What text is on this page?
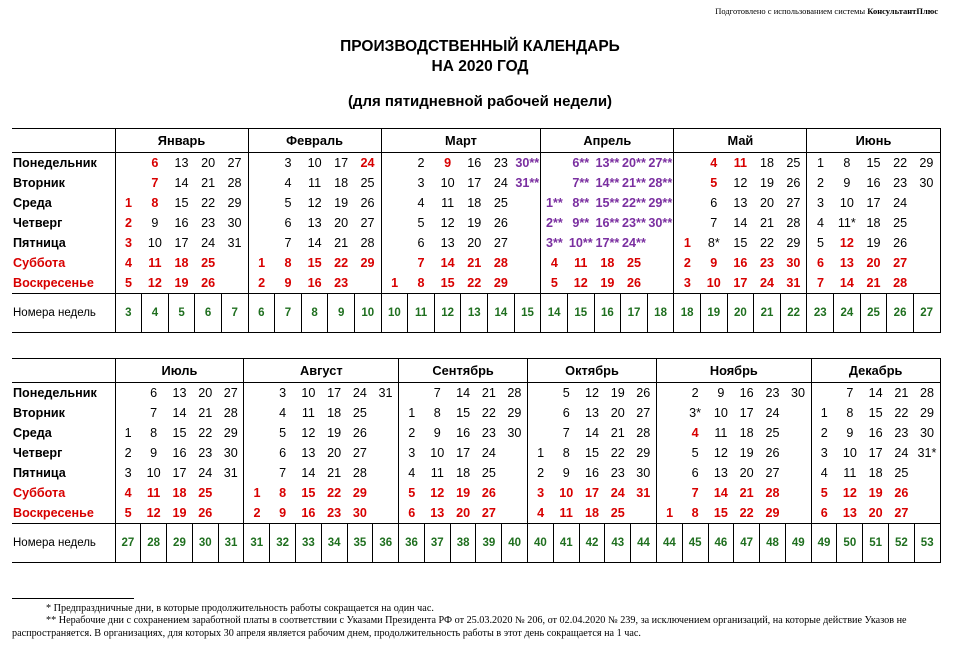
Подготовлено с использованием системы КонсультантПлюс
ПРОИЗВОДСТВЕННЫЙ КАЛЕНДАРЬ
НА 2020 ГОД
(для пятидневной рабочей недели)
	Январь					Февраль					Март						Апрель					Май					Июнь				
Понедельник		6	13	20	27		3	10	17	24		2	9	16	23	30**		6**	13**	20**	27**		4	11	18	25	1	8	15	22	29
Вторник		7	14	21	28		4	11	18	25		3	10	17	24	31**		7**	14**	21**	28**		5	12	19	26	2	9	16	23	30
Среда	1	8	15	22	29		5	12	19	26		4	11	18	25		1**	8**	15**	22**	29**		6	13	20	27	3	10	17	24	
Четверг	2	9	16	23	30		6	13	20	27		5	12	19	26		2**	9**	16**	23**	30**		7	14	21	28	4	11*	18	25	
Пятница	3	10	17	24	31		7	14	21	28		6	13	20	27		3**	10**	17**	24**		1	8*	15	22	29	5	12	19	26	
Суббота	4	11	18	25		1	8	15	22	29		7	14	21	28		4	11	18	25		2	9	16	23	30	6	13	20	27	
Воскресенье	5	12	19	26		2	9	16	23		1	8	15	22	29		5	12	19	26		3	10	17	24	31	7	14	21	28	
Номера недель	3	4	5	6	7	6	7	8	9	10	10	11	12	13	14	15	14	15	16	17	18	18	19	20	21	22	23	24	25	26	27
	Июль					Август						Сентябрь					Октябрь					Ноябрь						Декабрь				
Понедельник		6	13	20	27		3	10	17	24	31		7	14	21	28		5	12	19	26		2	9	16	23	30		7	14	21	28
Вторник		7	14	21	28		4	11	18	25		1	8	15	22	29		6	13	20	27		3*	10	17	24		1	8	15	22	29
Среда	1	8	15	22	29		5	12	19	26		2	9	16	23	30		7	14	21	28		4	11	18	25		2	9	16	23	30
Четверг	2	9	16	23	30		6	13	20	27		3	10	17	24		1	8	15	22	29		5	12	19	26		3	10	17	24	31*
Пятница	3	10	17	24	31		7	14	21	28		4	11	18	25		2	9	16	23	30		6	13	20	27		4	11	18	25	
Суббота	4	11	18	25		1	8	15	22	29		5	12	19	26		3	10	17	24	31		7	14	21	28		5	12	19	26	
Воскресенье	5	12	19	26		2	9	16	23	30		6	13	20	27		4	11	18	25		1	8	15	22	29		6	13	20	27	
Номера недель	27	28	29	30	31	31	32	33	34	35	36	36	37	38	39	40	40	41	42	43	44	44	45	46	47	48	49	49	50	51	52	53
* Предпраздничные дни, в которые продолжительность работы сокращается на один час.
** Нерабочие дни с сохранением заработной платы в соответствии с Указами Президента РФ от 25.03.2020 № 206, от 02.04.2020 № 239, за исключением организаций, на которые действие Указов не распространяется. В организациях, для которых 30 апреля является рабочим днем, продолжительность работы в этот день сокращается на 1 час.
